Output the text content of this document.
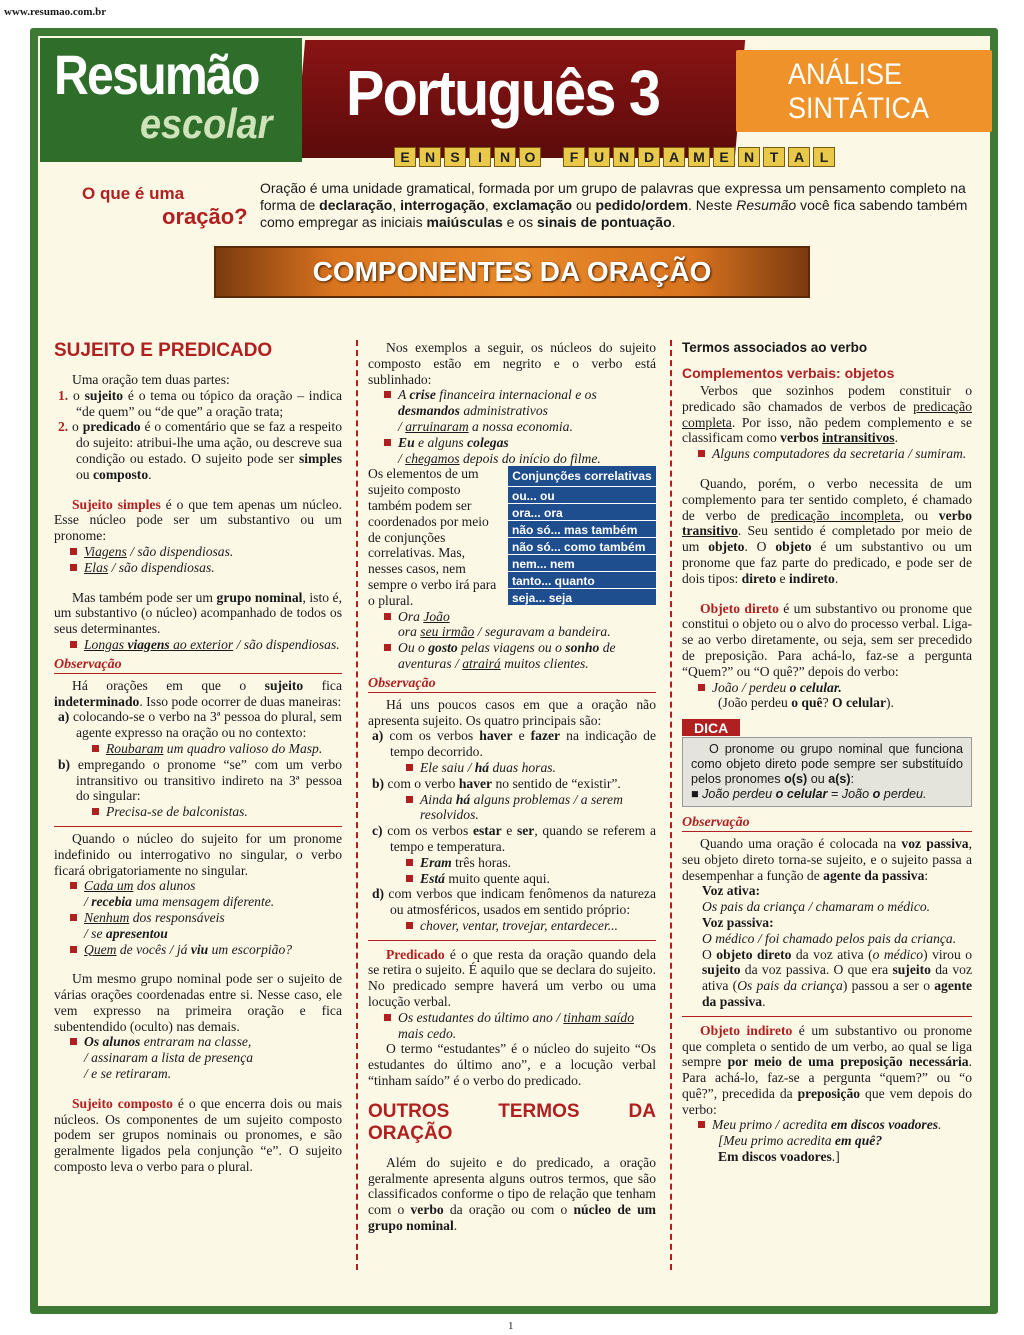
www.resumao.com.br
Português 3
Resumão
escolar
ANÁLISE
SINTÁTICA
E	N	S	I	N	O	F	U	N	D	A	M	E	N	T	A	L
O que é uma
oração?
Oração é uma unidade gramatical, formada por um grupo de palavras que expressa um pensamento completo na forma de declaração, interrogação, exclamação ou pedido/ordem. Neste Resumão você fica sabendo também como empregar as iniciais maiúsculas e os sinais de pontuação.
COMPONENTES DA ORAÇÃO
SUJEITO E PREDICADO

Uma oração tem duas partes:

1. o sujeito é o tema ou tópico da oração – indica “de quem” ou “de que” a oração trata;
2. o predicado é o comentário que se faz a respeito do sujeito: atribui-lhe uma ação, ou descreve sua condição ou estado. O sujeito pode ser simples ou composto.

Sujeito simples é o que tem apenas um núcleo. Esse núcleo pode ser um substantivo ou um pronome:

Viagens / são dispendiosas.
Elas / são dispendiosas.

Mas também pode ser um grupo nominal, isto é, um substantivo (o núcleo) acompanhado de todos os seus determinantes.

Longas viagens ao exterior / são dispendiosas.
Observação

Há orações em que o sujeito fica indeterminado. Isso pode ocorrer de duas maneiras:

a) colocando-se o verbo na 3ª pessoa do plural, sem agente expresso na oração ou no contexto:
Roubaram um quadro valioso do Masp.
b) empregando o pronome “se” com um verbo intransitivo ou transitivo indireto na 3ª pessoa do singular:
Precisa-se de balconistas.

Quando o núcleo do sujeito for um pronome indefinido ou interrogativo no singular, o verbo ficará obrigatoriamente no singular.

Cada um dos alunos
/ recebia uma mensagem diferente.
Nenhum dos responsáveis
/ se apresentou
Quem de vocês / já viu um escorpião?

Um mesmo grupo nominal pode ser o sujeito de várias orações coordenadas entre si. Nesse caso, ele vem expresso na primeira oração e fica subentendido (oculto) nas demais.

Os alunos entraram na classe,
/ assinaram a lista de presença
/ e se retiraram.

Sujeito composto é o que encerra dois ou mais núcleos. Os componentes de um sujeito composto podem ser grupos nominais ou pronomes, e são geralmente ligados pela conjunção “e”. O sujeito composto leva o verbo para o plural.

Nos exemplos a seguir, os núcleos do sujeito composto estão em negrito e o verbo está sublinhado:

A crise financeira internacional e os desmandos administrativos
/ arruinaram a nossa economia.
Eu e alguns colegas
/ chegamos depois do início do filme.
Conjunções correlativas
ou... ou
ora... ora
não só... mas também
não só... como também
nem... nem
tanto... quanto
seja... seja
Os elementos de um sujeito composto também podem ser coordenados por meio de conjunções correlativas. Mas, nesses casos, nem sempre o verbo irá para o plural.
Ora João
ora seu irmão / seguravam a bandeira.
Ou o gosto pelas viagens ou o sonho de aventuras / atrairá muitos clientes.
Observação

Há uns poucos casos em que a oração não apresenta sujeito. Os quatro principais são:

a) com os verbos haver e fazer na indicação de tempo decorrido.
Ele saiu / há duas horas.
b) com o verbo haver no sentido de “existir”.
Ainda há alguns problemas / a serem resolvidos.
c) com os verbos estar e ser, quando se referem a tempo e temperatura.
Eram três horas.
Está muito quente aqui.
d) com verbos que indicam fenômenos da natureza ou atmosféricos, usados em sentido próprio:
chover, ventar, trovejar, entardecer...

Predicado é o que resta da oração quando dela se retira o sujeito. É aquilo que se declara do sujeito. No predicado sempre haverá um verbo ou uma locução verbal.

Os estudantes do último ano / tinham saído mais cedo.

O termo “estudantes” é o núcleo do sujeito “Os estudantes do último ano”, e a locução verbal “tinham saído” é o verbo do predicado.

OUTROS TERMOS DA ORAÇÃO

Além do sujeito e do predicado, a oração geralmente apresenta alguns outros termos, que são classificados conforme o tipo de relação que tenham com o verbo da oração ou com o núcleo de um grupo nominal.

Termos associados ao verbo
Complementos verbais: objetos

Verbos que sozinhos podem constituir o predicado são chamados de verbos de predicação completa. Por isso, não pedem complemento e se classificam como verbos intransitivos.

Alguns computadores da secretaria / sumiram.

Quando, porém, o verbo necessita de um complemento para ter sentido completo, é chamado de verbo de predicação incompleta, ou verbo transitivo. Seu sentido é completado por meio de um objeto. O objeto é um substantivo ou um pronome que faz parte do predicado, e pode ser de dois tipos: direto e indireto.

Objeto direto é um substantivo ou pronome que constitui o objeto ou o alvo do processo verbal. Liga-se ao verbo diretamente, ou seja, sem ser precedido de preposição. Para achá-lo, faz-se a pergunta “Quem?” ou “O quê?” depois do verbo:

João / perdeu o celular.
(João perdeu o quê? O celular).
DICA
O pronome ou grupo nominal que funciona como objeto direto pode sempre ser substituído pelos pronomes o(s) ou a(s):
■ João perdeu o celular = João o perdeu.
Observação

Quando uma oração é colocada na voz passiva, seu objeto direto torna-se sujeito, e o sujeito passa a desempenhar a função de agente da passiva:

Voz ativa:
Os pais da criança / chamaram o médico.
Voz passiva:
O médico / foi chamado pelos pais da criança.
O objeto direto da voz ativa (o médico) virou o sujeito da voz passiva. O que era sujeito da voz ativa (Os pais da criança) passou a ser o agente da passiva.

Objeto indireto é um substantivo ou pronome que completa o sentido de um verbo, ao qual se liga sempre por meio de uma preposição necessária. Para achá-lo, faz-se a pergunta “quem?” ou “o quê?”, precedida da preposição que vem depois do verbo:

Meu primo / acredita em discos voadores.
[Meu primo acredita em quê?
Em discos voadores.]
1
